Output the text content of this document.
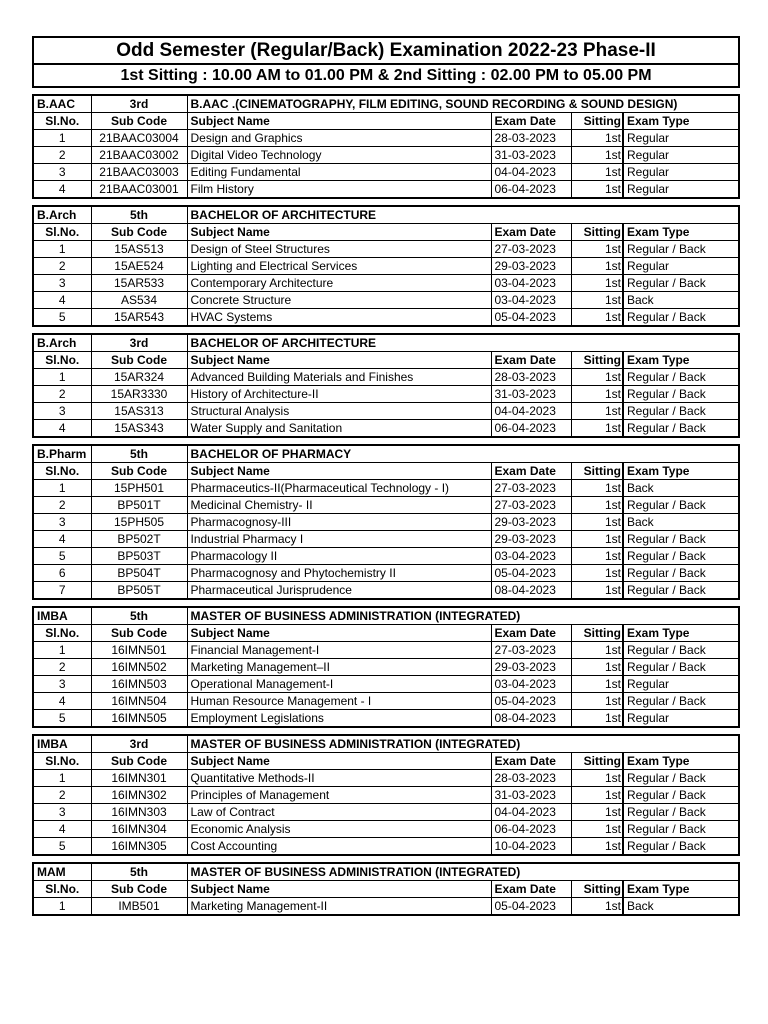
Odd Semester (Regular/Back) Examination 2022-23 Phase-II
1st Sitting : 10.00 AM to 01.00 PM & 2nd Sitting : 02.00 PM to 05.00 PM
B.AAC	3rd	B.AAC .(CINEMATOGRAPHY, FILM EDITING, SOUND RECORDING & SOUND DESIGN)			
Sl.No.	Sub Code	Subject Name	Exam Date	Sitting	Exam Type
1	21BAAC03004	Design and Graphics	28-03-2023	1st	Regular
2	21BAAC03002	Digital Video Technology	31-03-2023	1st	Regular
3	21BAAC03003	Editing Fundamental	04-04-2023	1st	Regular
4	21BAAC03001	Film History	06-04-2023	1st	Regular
B.Arch	5th	BACHELOR OF ARCHITECTURE			
Sl.No.	Sub Code	Subject Name	Exam Date	Sitting	Exam Type
1	15AS513	Design of Steel Structures	27-03-2023	1st	Regular / Back
2	15AE524	Lighting and Electrical Services	29-03-2023	1st	Regular
3	15AR533	Contemporary Architecture	03-04-2023	1st	Regular / Back
4	AS534	Concrete Structure	03-04-2023	1st	Back
5	15AR543	HVAC Systems	05-04-2023	1st	Regular / Back
B.Arch	3rd	BACHELOR OF ARCHITECTURE			
Sl.No.	Sub Code	Subject Name	Exam Date	Sitting	Exam Type
1	15AR324	Advanced Building Materials and Finishes	28-03-2023	1st	Regular / Back
2	15AR3330	History of Architecture-II	31-03-2023	1st	Regular / Back
3	15AS313	Structural Analysis	04-04-2023	1st	Regular / Back
4	15AS343	Water Supply and Sanitation	06-04-2023	1st	Regular / Back
B.Pharm	5th	BACHELOR OF PHARMACY			
Sl.No.	Sub Code	Subject Name	Exam Date	Sitting	Exam Type
1	15PH501	Pharmaceutics-II(Pharmaceutical Technology - I)	27-03-2023	1st	Back
2	BP501T	Medicinal Chemistry- II	27-03-2023	1st	Regular / Back
3	15PH505	Pharmacognosy-III	29-03-2023	1st	Back
4	BP502T	Industrial Pharmacy I	29-03-2023	1st	Regular / Back
5	BP503T	Pharmacology II	03-04-2023	1st	Regular / Back
6	BP504T	Pharmacognosy and Phytochemistry II	05-04-2023	1st	Regular / Back
7	BP505T	Pharmaceutical Jurisprudence	08-04-2023	1st	Regular / Back
IMBA	5th	MASTER OF BUSINESS ADMINISTRATION (INTEGRATED)			
Sl.No.	Sub Code	Subject Name	Exam Date	Sitting	Exam Type
1	16IMN501	Financial Management-I	27-03-2023	1st	Regular / Back
2	16IMN502	Marketing Management–II	29-03-2023	1st	Regular / Back
3	16IMN503	Operational Management-I	03-04-2023	1st	Regular
4	16IMN504	Human Resource Management - I	05-04-2023	1st	Regular / Back
5	16IMN505	Employment Legislations	08-04-2023	1st	Regular
IMBA	3rd	MASTER OF BUSINESS ADMINISTRATION (INTEGRATED)			
Sl.No.	Sub Code	Subject Name	Exam Date	Sitting	Exam Type
1	16IMN301	Quantitative Methods-II	28-03-2023	1st	Regular / Back
2	16IMN302	Principles of Management	31-03-2023	1st	Regular / Back
3	16IMN303	Law of Contract	04-04-2023	1st	Regular / Back
4	16IMN304	Economic Analysis	06-04-2023	1st	Regular / Back
5	16IMN305	Cost Accounting	10-04-2023	1st	Regular / Back
MAM	5th	MASTER OF BUSINESS ADMINISTRATION (INTEGRATED)			
Sl.No.	Sub Code	Subject Name	Exam Date	Sitting	Exam Type
1	IMB501	Marketing Management-II	05-04-2023	1st	Back
